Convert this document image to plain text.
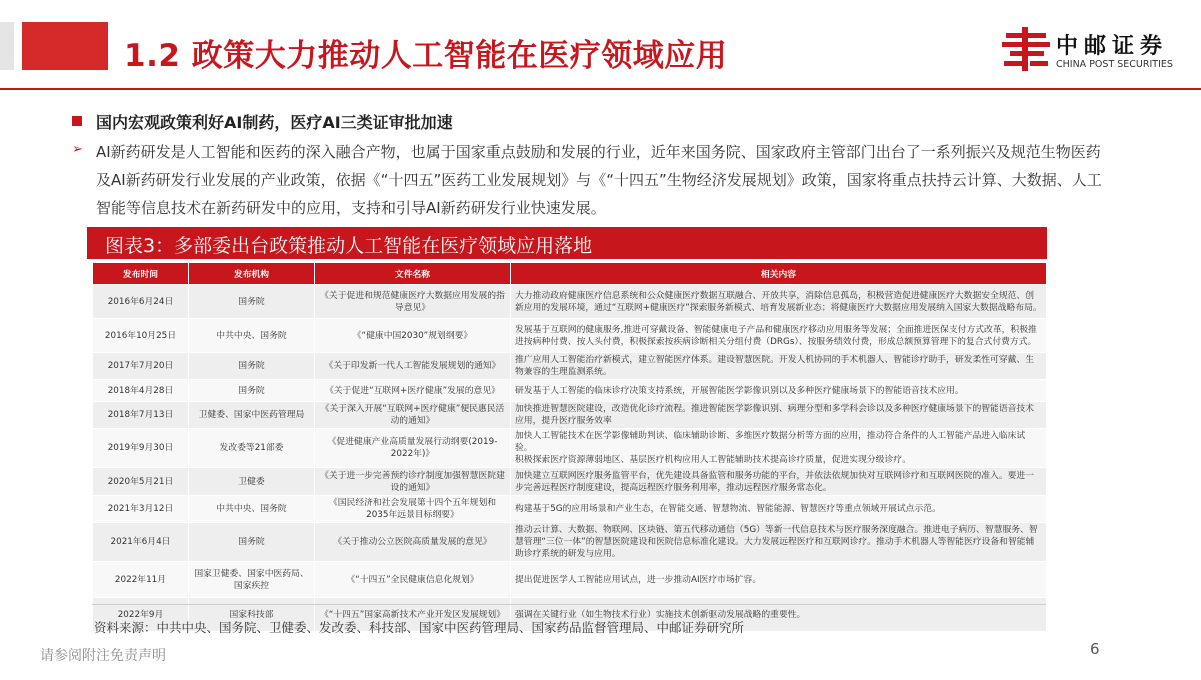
1.2 政策大力推动人工智能在医疗领域应用	中邮证券
CHINA POST SECURITIES
国内宏观政策利好AI制药，医疗AI三类证审批加速
➢ AI新药研发是人工智能和医药的深入融合产物，也属于国家重点鼓励和发展的行业，近年来国务院、国家政府主管部门出台了一系列振兴及规范生物医药及AI新药研发行业发展的产业政策，依据《“十四五”医药工业发展规划》与《“十四五”生物经济发展规划》政策，国家将重点扶持云计算、大数据、人工智能等信息技术在新药研发中的应用，支持和引导AI新药研发行业快速发展。
图表3：多部委出台政策推动人工智能在医疗领域应用落地
发布时间	发布机构	文件名称	相关内容
2016年6月24日	国务院	《关于促进和规范健康医疗大数据应用发展的指导意见》	大力推动政府健康医疗信息系统和公众健康医疗数据互联融合、开放共享，消除信息孤岛，积极营造促进健康医疗大数据安全规范、创新应用的发展环境，通过“互联网+健康医疗”探索服务新模式、培育发展新业态；将健康医疗大数据应用发展纳入国家大数据战略布局。

2016年10月25日	中共中央、国务院	《“健康中国2030”规划纲要》	发展基于互联网的健康服务,推进可穿戴设备、智能健康电子产品和健康医疗移动应用服务等发展；全面推进医保支付方式改革，积极推进按病种付费、按人头付费，积极探索按疾病诊断相关分组付费（DRGs）、按服务绩效付费，形成总额预算管理下的复合式付费方式。

2017年7月20日	国务院	《关于印发新一代人工智能发展规划的通知》	推广应用人工智能治疗新模式，建立智能医疗体系。建设智慧医院。开发人机协同的手术机器人、智能诊疗助手，研发柔性可穿戴、生物兼容的生理监测系统。

2018年4月28日	国务院	《关于促进“互联网+医疗健康”发展的意见》	研发基于人工智能的临床诊疗决策支持系统，开展智能医学影像识别以及多种医疗健康场景下的智能语音技术应用。

2018年7月13日	卫健委、国家中医药管理局	《关于深入开展“互联网+医疗健康”便民惠民活动的通知》	加快推进智慧医院建设，改造优化诊疗流程。推进智能医学影像识别、病理分型和多学科会诊以及多种医疗健康场景下的智能语音技术应用，提升医疗服务效率

2019年9月30日	发改委等21部委	《促进健康产业高质量发展行动纲要(2019-2022年)》	加快人工智能技术在医学影像辅助判读、临床辅助诊断、多维医疗数据分析等方面的应用，推动符合条件的人工智能产品进入临床试验。
积极探索医疗资源薄弱地区、基层医疗机构应用人工智能辅助技术提高诊疗质量，促进实现分级诊疗。

2020年5月21日	卫健委	《关于进一步完善预约诊疗制度加强智慧医院建设的通知》	加快建立互联网医疗服务监管平台，优先建设具备监管和服务功能的平台，并依法依规加快对互联网诊疗和互联网医院的准入。要进一步完善远程医疗制度建设，提高远程医疗服务利用率，推动远程医疗服务常态化。

2021年3月12日	中共中央、国务院	《国民经济和社会发展第十四个五年规划和2035年远景目标纲要》	构建基于5G的应用场景和产业生态，在智能交通、智慧物流、智能能源、智慧医疗等重点领域开展试点示范。

2021年6月4日	国务院	《关于推动公立医院高质量发展的意见》	推动云计算、大数据、物联网、区块链、第五代移动通信（5G）等新一代信息技术与医疗服务深度融合。推进电子病历、智慧服务、智慧管理“三位一体”的智慧医院建设和医院信息标准化建设。大力发展远程医疗和互联网诊疗。推动手术机器人等智能医疗设备和智能辅助诊疗系统的研发与应用。

2022年11月	国家卫健委、国家中医药局、国家疾控	《“十四五”全民健康信息化规划》	提出促进医学人工智能应用试点，进一步推动AI医疗市场扩容。

2022年9月	国家科技部	《“十四五”国家高新技术产业开发区发展规划》	强调在关键行业（如生物技术行业）实施技术创新驱动发展战略的重要性。
资料来源：中共中央、国务院、卫健委、发改委、科技部、国家中医药管理局、国家药品监督管理局、中邮证券研究所
请参阅附注免责声明	6
